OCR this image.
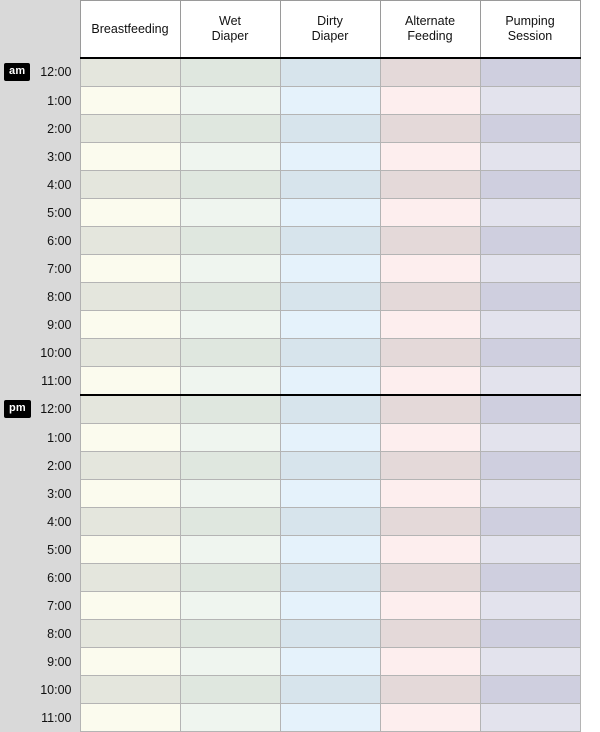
Breastfeeding

Wet
Diaper

Dirty
Diaper

Alternate
Feeding

Pumping
Session

am 12:00					
1:00					
2:00					
3:00					
4:00					
5:00					
6:00					
7:00					
8:00					
9:00					
10:00					
11:00					

pm 12:00					
1:00					
2:00					
3:00					
4:00					
5:00					
6:00					
7:00					
8:00					
9:00					
10:00					
11:00					
